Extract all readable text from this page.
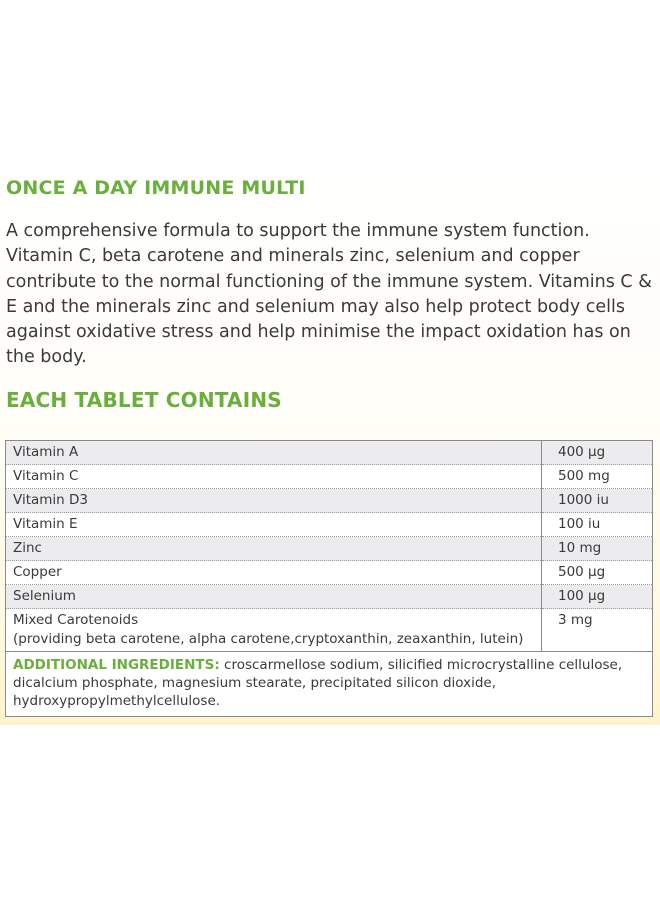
ONCE A DAY IMMUNE MULTI

A comprehensive formula to support the immune system function. Vitamin C, beta carotene and minerals zinc, selenium and copper contribute to the normal functioning of the immune system. Vitamins C & E and the minerals zinc and selenium may also help protect body cells against oxidative stress and help minimise the impact oxidation has on the body.

EACH TABLET CONTAINS
Vitamin A	400 µg
Vitamin C	500 mg
Vitamin D3	1000 iu
Vitamin E	100 iu
Zinc	10 mg
Copper	500 µg
Selenium	100 µg
Mixed Carotenoids
(providing beta carotene, alpha carotene,cryptoxanthin, zeaxanthin, lutein)	3 mg
ADDITIONAL INGREDIENTS: croscarmellose sodium, silicified microcrystalline cellulose, dicalcium phosphate, magnesium stearate, precipitated silicon dioxide, hydroxypropylmethylcellulose.	
